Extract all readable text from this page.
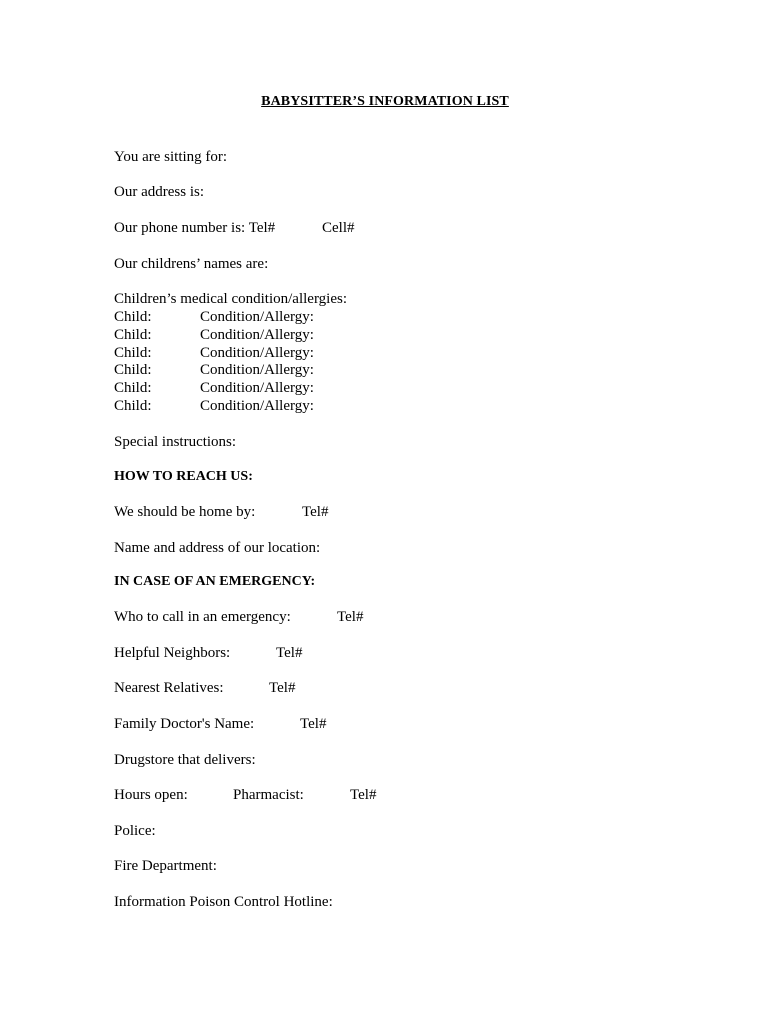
BABYSITTER’S INFORMATION LIST
You are sitting for:
Our address is:
Our phone number is: Tel#	Cell#
Our childrens’ names are:
Children’s medical condition/allergies:
Child:	Condition/Allergy:
Child:	Condition/Allergy:
Child:	Condition/Allergy:
Child:	Condition/Allergy:
Child:	Condition/Allergy:
Child:	Condition/Allergy:
Special instructions:
HOW TO REACH US:
We should be home by:	Tel#
Name and address of our location:
IN CASE OF AN EMERGENCY:
Who to call in an emergency:	Tel#
Helpful Neighbors:	Tel#
Nearest Relatives:	Tel#
Family Doctor's Name:	Tel#
Drugstore that delivers:
Hours open:	Pharmacist:	Tel#
Police:
Fire Department:
Information Poison Control Hotline:
